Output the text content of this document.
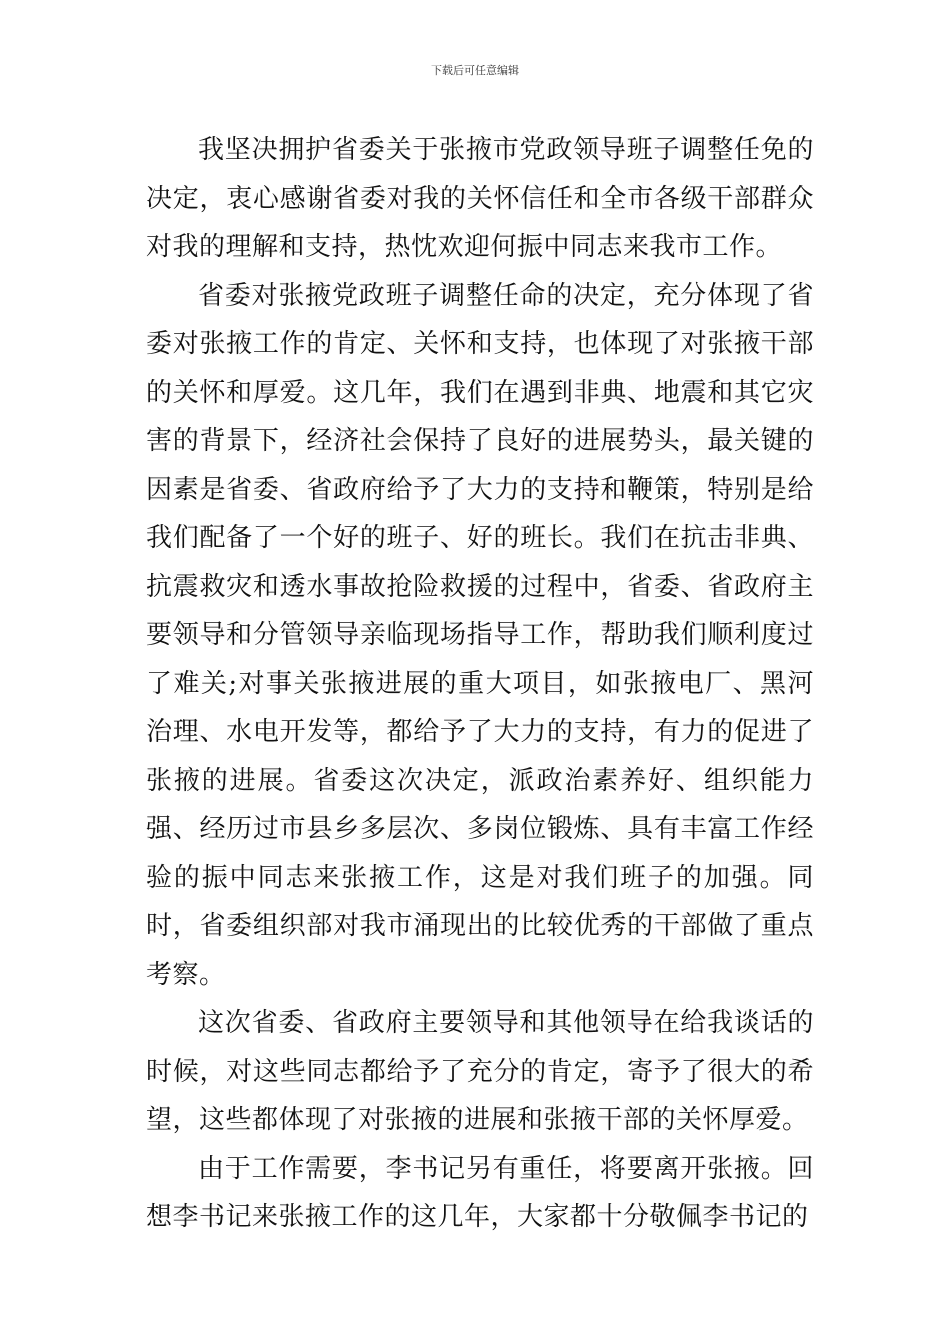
下载后可任意编辑

我坚决拥护省委关于张掖市党政领导班子调整任免的决定，衷心感谢省委对我的关怀信任和全市各级干部群众对我的理解和支持，热忱欢迎何振中同志来我市工作。

省委对张掖党政班子调整任命的决定，充分体现了省委对张掖工作的肯定、关怀和支持，也体现了对张掖干部的关怀和厚爱。这几年，我们在遇到非典、地震和其它灾害的背景下，经济社会保持了良好的进展势头，最关键的因素是省委、省政府给予了大力的支持和鞭策，特别是给我们配备了一个好的班子、好的班长。我们在抗击非典、抗震救灾和透水事故抢险救援的过程中，省委、省政府主要领导和分管领导亲临现场指导工作，帮助我们顺利度过了难关;对事关张掖进展的重大项目，如张掖电厂、黑河治理、水电开发等，都给予了大力的支持，有力的促进了张掖的进展。省委这次决定，派政治素养好、组织能力强、经历过市县乡多层次、多岗位锻炼、具有丰富工作经验的振中同志来张掖工作，这是对我们班子的加强。同时，省委组织部对我市涌现出的比较优秀的干部做了重点考察。

这次省委、省政府主要领导和其他领导在给我谈话的时候，对这些同志都给予了充分的肯定，寄予了很大的希望，这些都体现了对张掖的进展和张掖干部的关怀厚爱。

由于工作需要，李书记另有重任，将要离开张掖。回想李书记来张掖工作的这几年，大家都十分敬佩李书记的
